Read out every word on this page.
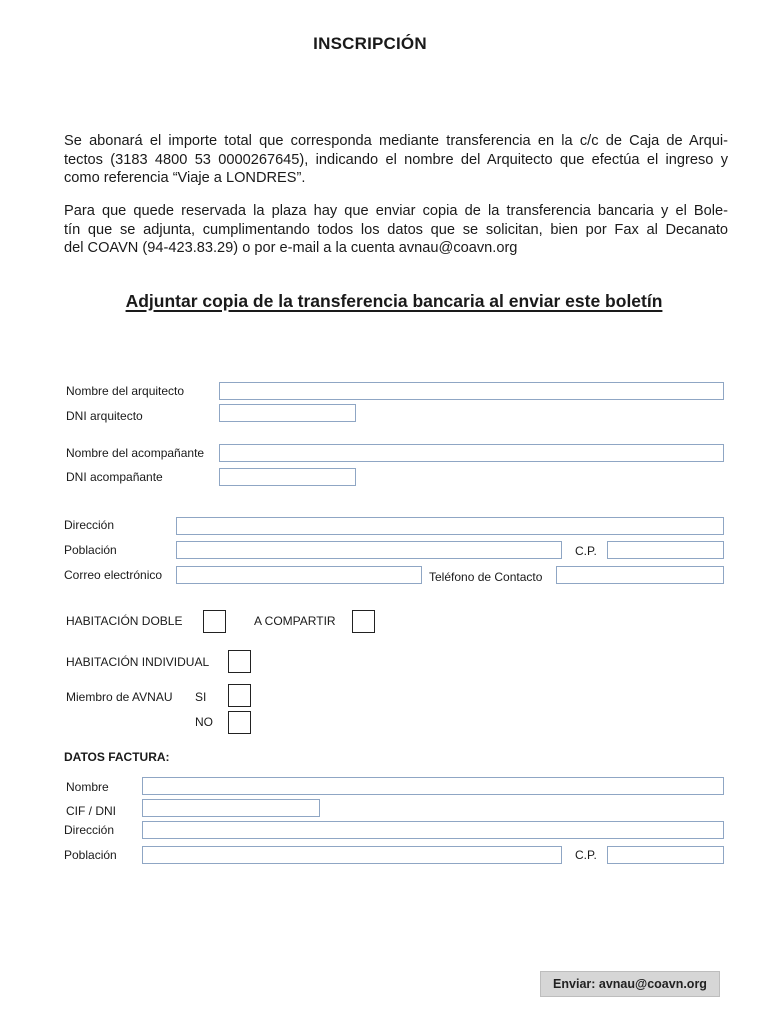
INSCRIPCIÓN

Se abonará el importe total que corresponda mediante transferencia en la c/c de Caja de Arqui-
tectos (3183 4800 53 0000267645), indicando el nombre del Arquitecto que efectúa el ingreso y
como referencia “Viaje a LONDRES”.

Para que quede reservada la plaza hay que enviar copia de la transferencia bancaria y el Bole-
tín que se adjunta, cumplimentando todos los datos que se solicitan, bien por Fax al Decanato
del COAVN (94-423.83.29) o por e-mail a la cuenta avnau@coavn.org

Adjuntar copia de la transferencia bancaria al enviar este boletín
Nombre del arquitecto
DNI arquitecto
Nombre del acompañante
DNI acompañante
Dirección
Población	C.P.
Correo electrónico	Teléfono de Contacto
HABITACIÓN DOBLE	A COMPARTIR
HABITACIÓN INDIVIDUAL
Miembro de AVNAU SI
NO
DATOS FACTURA:
Nombre
CIF / DNI
Dirección
Población	C.P.
Enviar: avnau@coavn.org
